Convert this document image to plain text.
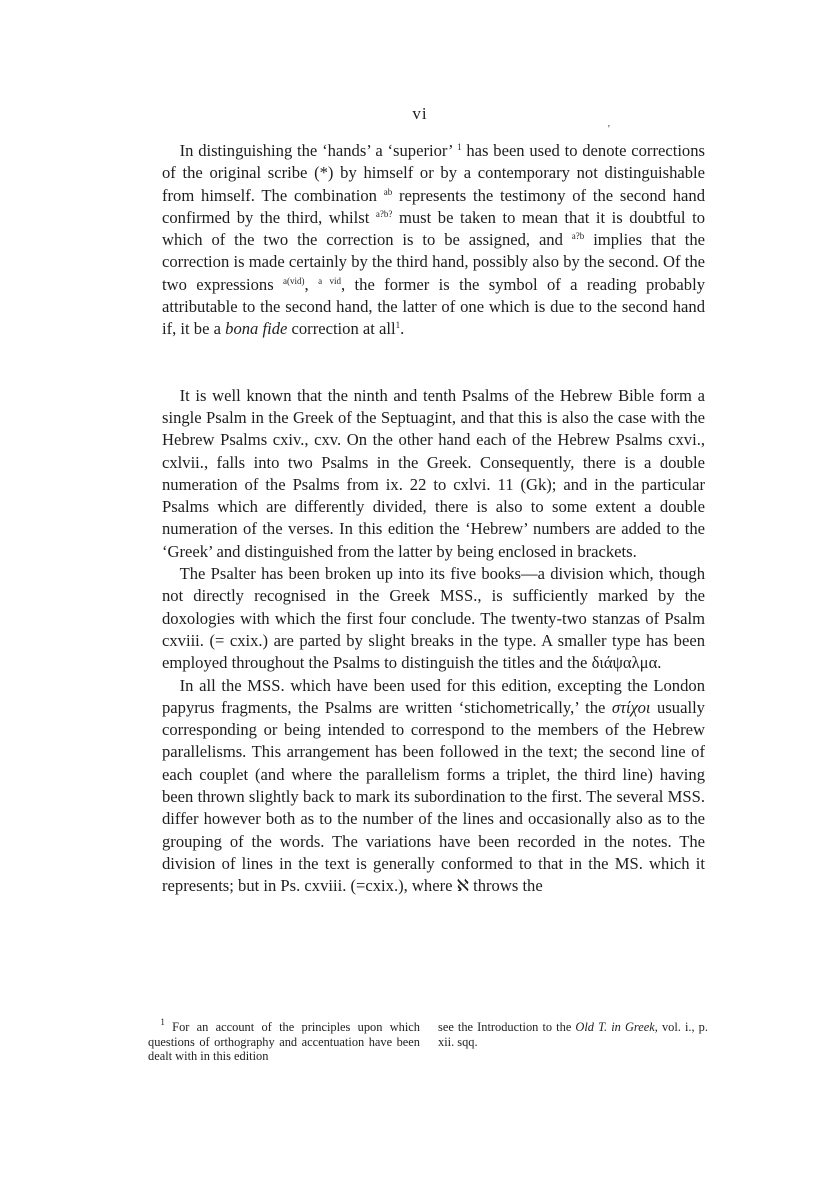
vi
'

 In distinguishing the ‘hands’ a ‘superior’ $^1$ has been used to denote corrections of the original scribe (*) by himself or by a contemporary not distinguishable from himself. The combination $^{ab}$ represents the testimony of the second hand confirmed by the third, whilst $^{a?b?}$ must be taken to mean that it is doubtful to which of the two the correction is to be assigned, and $^{a?b}$ implies that the correction is made certainly by the third hand, possibly also by the second. Of the two expressions $^{a(vid)}$, $^{a vid}$, the former is the symbol of a reading probably attributable to the second hand, the latter of one which is due to the second hand if, it be a bona fide correction at all$^1$.

 It is well known that the ninth and tenth Psalms of the Hebrew Bible form a single Psalm in the Greek of the Septuagint, and that this is also the case with the Hebrew Psalms cxiv., cxv. On the other hand each of the Hebrew Psalms cxvi., cxlvii., falls into two Psalms in the Greek. Consequently, there is a double numeration of the Psalms from ix. 22 to cxlvi. 11 (Gk); and in the particular Psalms which are differently divided, there is also to some extent a double numeration of the verses. In this edition the ‘Hebrew’ numbers are added to the ‘Greek’ and distinguished from the latter by being enclosed in brackets.

 The Psalter has been broken up into its five books—a division which, though not directly recognised in the Greek MSS., is sufficiently marked by the doxologies with which the first four conclude. The twenty-two stanzas of Psalm cxviii. (= cxix.) are parted by slight breaks in the type. A smaller type has been employed throughout the Psalms to distinguish the titles and the διάψαλμα.

 In all the MSS. which have been used for this edition, excepting the London papyrus fragments, the Psalms are written ‘stichometrically,’ the στίχοι usually corresponding or being intended to correspond to the members of the Hebrew parallelisms. This arrangement has been followed in the text; the second line of each couplet (and where the parallelism forms a triplet, the third line) having been thrown slightly back to mark its subordination to the first. The several MSS. differ however both as to the number of the lines and occasionally also as to the grouping of the words. The variations have been recorded in the notes. The division of lines in the text is generally conformed to that in the MS. which it represents; but in Ps. cxviii. (=cxix.), where ℵ throws the

 $^1$ For an account of the principles upon which questions of orthography and accentuation have been dealt with in this edition
see the Introduction to the Old T. in Greek, vol. i., p. xii. sqq.
